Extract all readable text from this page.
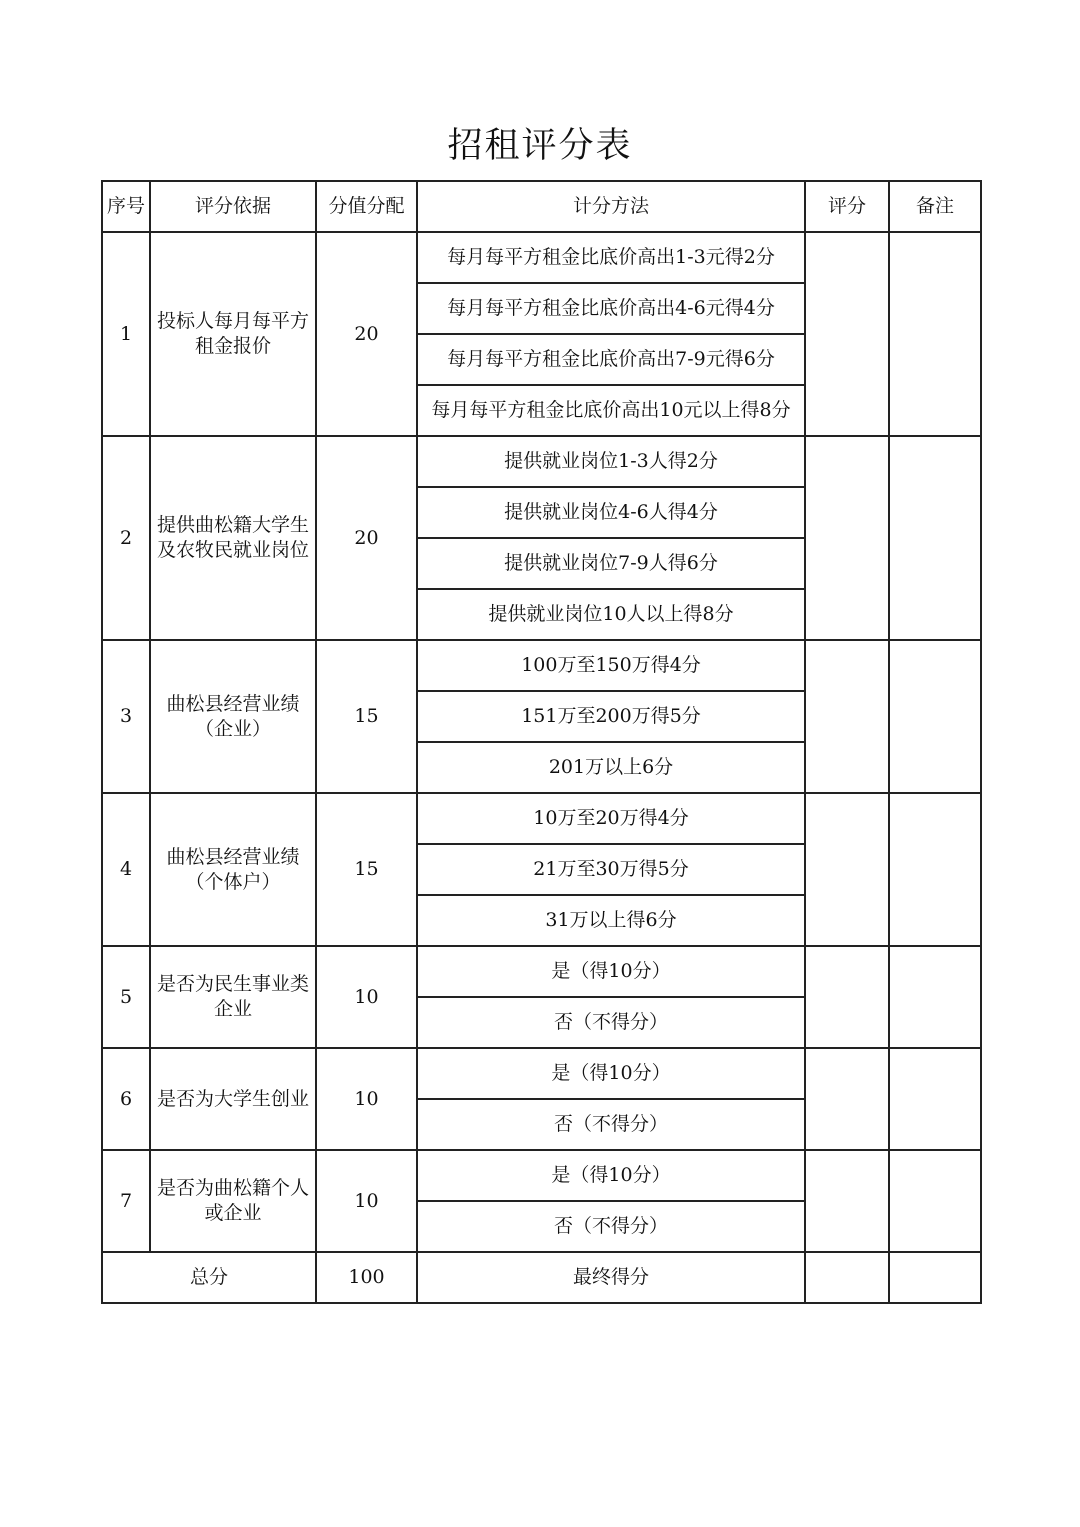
招租评分表
序号	评分依据	分值分配	计分方法	评分	备注
1	投标人每月每平方租金报价	20	每月每平方租金比底价高出1-3元得2分		
			每月每平方租金比底价高出4-6元得4分		
			每月每平方租金比底价高出7-9元得6分		
			每月每平方租金比底价高出10元以上得8分		
2	提供曲松籍大学生及农牧民就业岗位	20	提供就业岗位1-3人得2分		
			提供就业岗位4-6人得4分		
			提供就业岗位7-9人得6分		
			提供就业岗位10人以上得8分		
3	曲松县经营业绩（企业）	15	100万至150万得4分		
			151万至200万得5分		
			201万以上6分		
4	曲松县经营业绩（个体户）	15	10万至20万得4分		
			21万至30万得5分		
			31万以上得6分		
5	是否为民生事业类企业	10	是（得10分）		
			否（不得分）		
6	是否为大学生创业	10	是（得10分）		
			否（不得分）		
7	是否为曲松籍个人或企业	10	是（得10分）		
			否（不得分）		
总分		100	最终得分		
